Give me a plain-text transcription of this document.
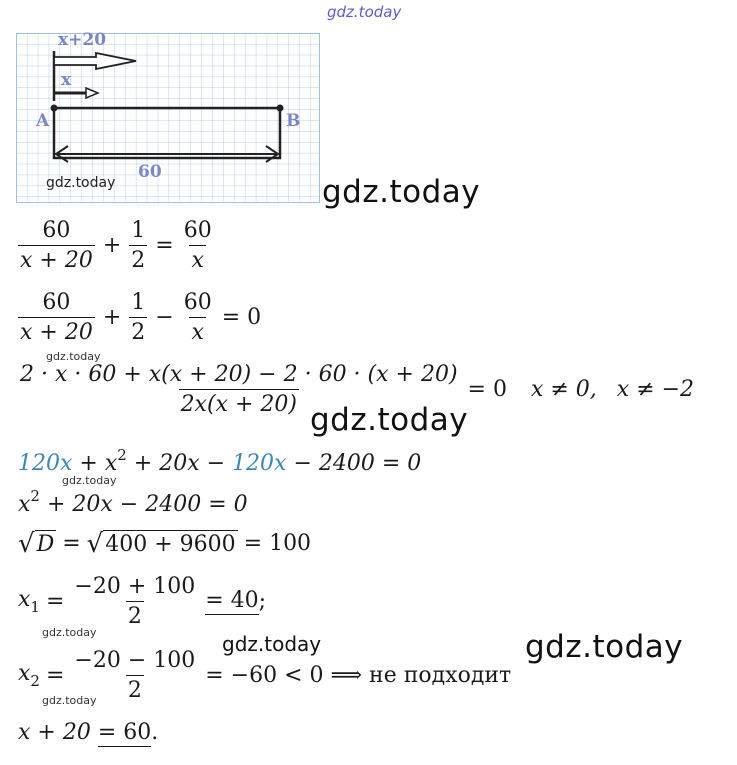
gdz.today
x+20
x
A	B
60
gdz.today	gdz.today
$\frac{60}{x + 20} + \frac{1}{2} = \frac{60}{x}$
$\frac{60}{x + 20} + \frac{1}{2} - \frac{60}{x} = 0$
gdz.today
$\frac{2 \cdot x \cdot 60 + x(x + 20) - 2 \cdot 60 \cdot (x + 20)}{2x(x + 20)} = 0$ x ≠ 0, x ≠ −2
gdz.today
gdz.today
$120x + x^2 + 20x - 120x - 2400 = 0$
$x^2 + 20x - 2400 = 0$
√ D = √ 400 + 9600 = 100
$x_1 = \frac{-20 + 100}{2} = 40$ ;
gdz.today	gdz.today	gdz.today
$x_2 = \frac{-20 - 100}{2} = -60 < 0$ ⟹ не подходит
gdz.today
x + 20 = 60.
